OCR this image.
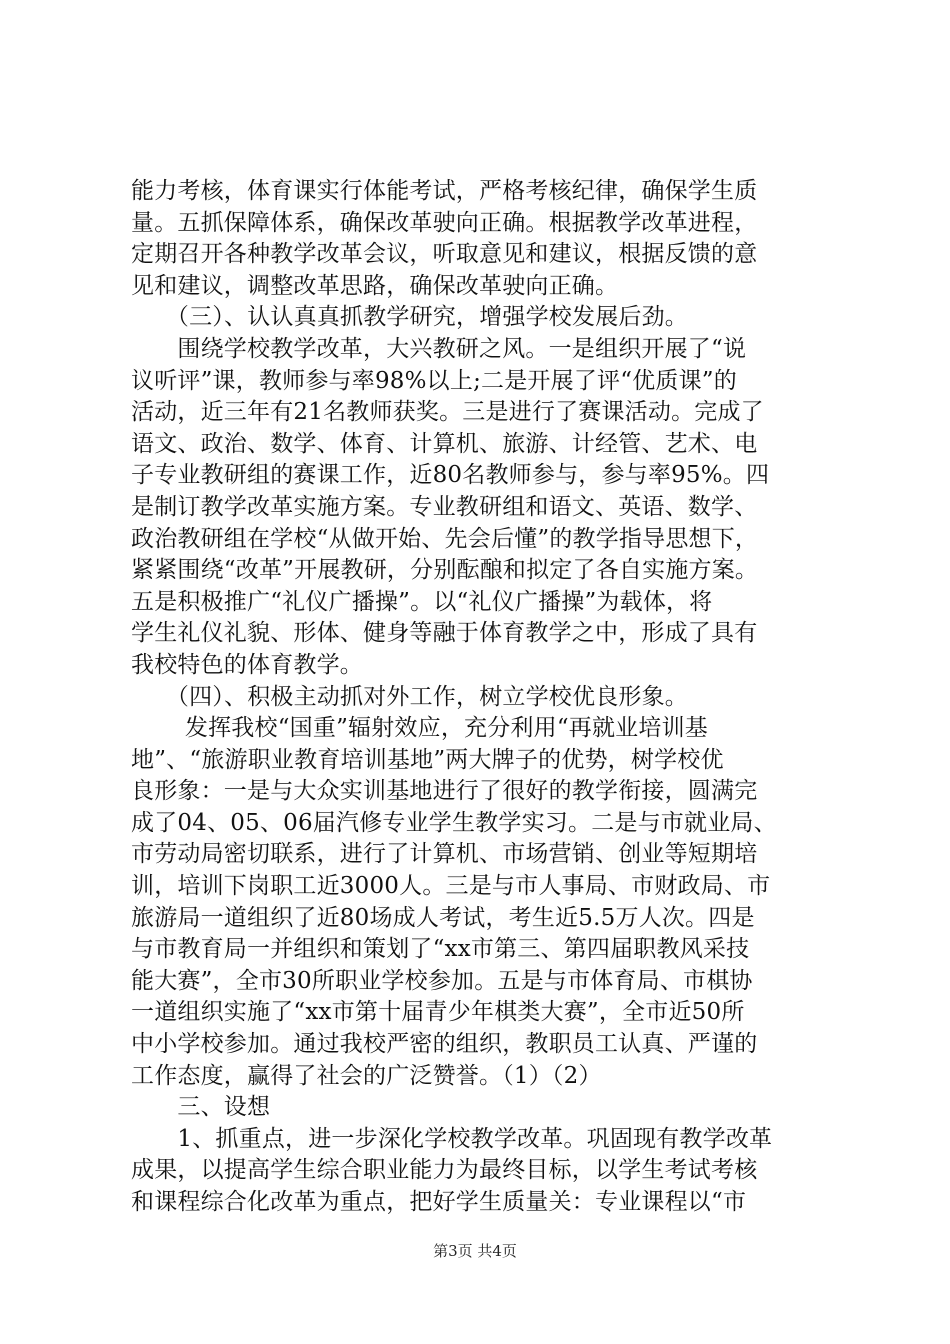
能力考核，体育课实行体能考试，严格考核纪律，确保学生质
量。五抓保障体系，确保改革驶向正确。根据教学改革进程，
定期召开各种教学改革会议，听取意见和建议，根据反馈的意
见和建议，调整改革思路，确保改革驶向正确。
　　（三）、认认真真抓教学研究，增强学校发展后劲。
　　围绕学校教学改革，大兴教研之风。一是组织开展了“说
议听评”课，教师参与率98%以上;二是开展了评“优质课”的
活动，近三年有21名教师获奖。三是进行了赛课活动。完成了
语文、政治、数学、体育、计算机、旅游、计经管、艺术、电
子专业教研组的赛课工作，近80名教师参与，参与率95%。四
是制订教学改革实施方案。专业教研组和语文、英语、数学、
政治教研组在学校“从做开始、先会后懂”的教学指导思想下，
紧紧围绕“改革”开展教研，分别酝酿和拟定了各自实施方案。
五是积极推广“礼仪广播操”。以“礼仪广播操”为载体，将
学生礼仪礼貌、形体、健身等融于体育教学之中，形成了具有
我校特色的体育教学。
　　（四）、积极主动抓对外工作，树立学校优良形象。
　　 发挥我校“国重”辐射效应，充分利用“再就业培训基
地”、“旅游职业教育培训基地”两大牌子的优势，树学校优
良形象：一是与大众实训基地进行了很好的教学衔接，圆满完
成了04、05、06届汽修专业学生教学实习。二是与市就业局、
市劳动局密切联系，进行了计算机、市场营销、创业等短期培
训，培训下岗职工近3000人。三是与市人事局、市财政局、市
旅游局一道组织了近80场成人考试，考生近5.5万人次。四是
与市教育局一并组织和策划了“xx市第三、第四届职教风采技
能大赛”，全市30所职业学校参加。五是与市体育局、市棋协
一道组织实施了“xx市第十届青少年棋类大赛”，全市近50所
中小学校参加。通过我校严密的组织，教职员工认真、严谨的
工作态度，赢得了社会的广泛赞誉。（1）（2）
　　三、设想
　　1、抓重点，进一步深化学校教学改革。巩固现有教学改革
成果，以提高学生综合职业能力为最终目标，以学生考试考核
和课程综合化改革为重点，把好学生质量关：专业课程以“市
第3页 共4页
